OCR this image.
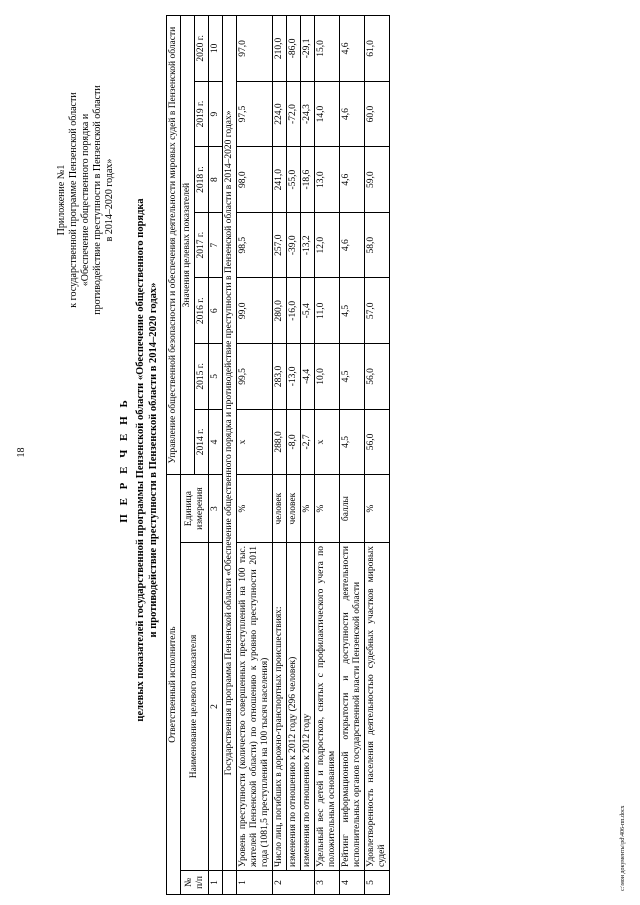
18
Приложение №1 к государственной программе Пензенской области «Обеспечение общественного порядка и противодействие преступности в Пензенской области в 2014–2020 годах»
П Е Р Е Ч Е Н Ь целевых показателей государственной программы Пензенской области «Обеспечение общественного порядка и противодействие преступности в Пензенской области в 2014–2020 годах»
Ответственный исполнитель			Управление общественной безопасности и обеспечения деятельности мировых судей в Пензенской области						
№ п/п	Наименование целевого показателя	Единица измерения	Значения целевых показателей						
			2014 г.	2015 г.	2016 г.	2017 г.	2018 г.	2019 г.	2020 г.
1	2	3	4	5	6	7	8	9	10
	Государственная программа Пензенской области «Обеспечение общественного порядка и противодействие преступности в Пензенской области в 2014–2020 годах»								
1	Уровень преступности (количество совершенных преступлений на 100 тыс. жителей Пензенской области) по отношению к уровню преступности 2011 года (1081,5 преступлений на 100 тысяч населения)	%	х	99,5	99,0	98,5	98,0	97,5	97,0
2	Число лиц, погибших в дорожно-транспортных происшествиях:	человек	288,0	283,0	280,0	257,0	241,0	224,0	210,0
	изменения по отношению к 2012 году (296 человек)	человек	-8,0	-13,0	-16,0	-39,0	-55,0	-72,0	-86,0
	изменения по отношению к 2012 году	%	-2,7	-4,4	-5,4	-13,2	-18,6	-24,3	-29,1
3	Удельный вес детей и подростков, снятых с профилактического учета по положительным основаниям	%	х	10,0	11,0	12,0	13,0	14,0	15,0
4	Рейтинг информационной открытости и доступности деятельности исполнительных органов государственной власти Пензенской области	баллы	4,5	4,5	4,5	4,6	4,6	4,6	4,6
5	Удовлетворенность населения деятельностью судебных участков мировых судей	%	56,0	56,0	57,0	58,0	59,0	60,0	61,0
c:\мои документы\рd\406-пп.docx
